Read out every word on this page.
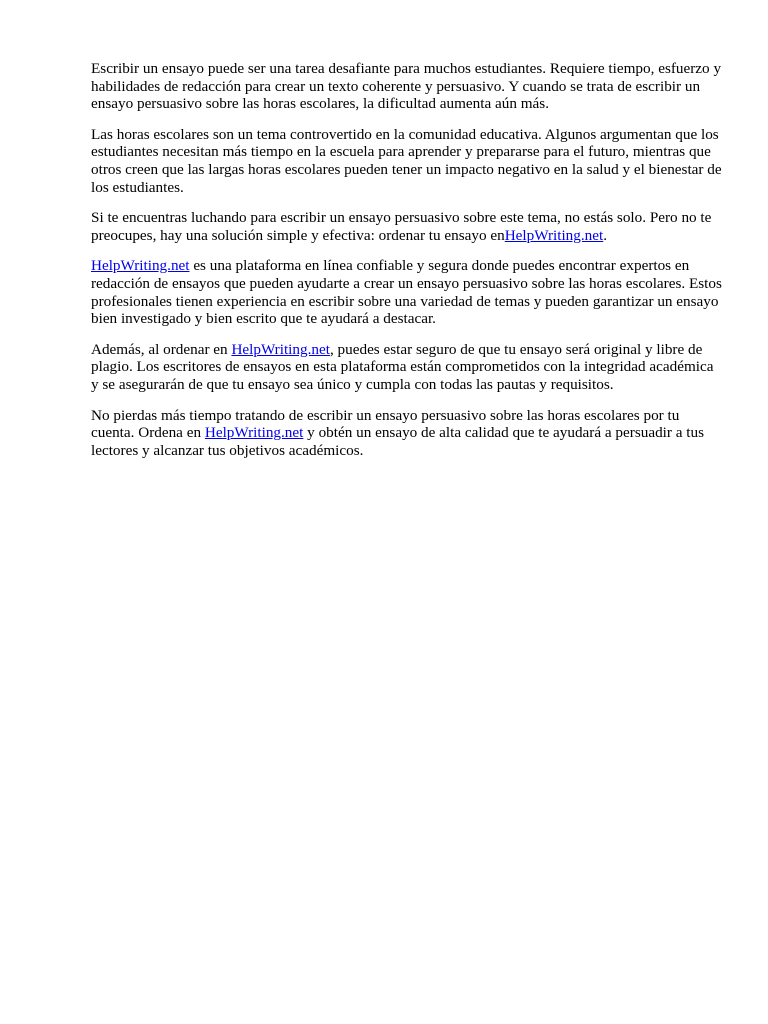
Escribir un ensayo puede ser una tarea desafiante para muchos estudiantes. Requiere tiempo, esfuerzo y habilidades de redacción para crear un texto coherente y persuasivo. Y cuando se trata de escribir un ensayo persuasivo sobre las horas escolares, la dificultad aumenta aún más.

Las horas escolares son un tema controvertido en la comunidad educativa. Algunos argumentan que los estudiantes necesitan más tiempo en la escuela para aprender y prepararse para el futuro, mientras que otros creen que las largas horas escolares pueden tener un impacto negativo en la salud y el bienestar de los estudiantes.

Si te encuentras luchando para escribir un ensayo persuasivo sobre este tema, no estás solo. Pero no te preocupes, hay una solución simple y efectiva: ordenar tu ensayo enHelpWriting.net.

HelpWriting.net es una plataforma en línea confiable y segura donde puedes encontrar expertos en redacción de ensayos que pueden ayudarte a crear un ensayo persuasivo sobre las horas escolares. Estos profesionales tienen experiencia en escribir sobre una variedad de temas y pueden garantizar un ensayo bien investigado y bien escrito que te ayudará a destacar.

Además, al ordenar en HelpWriting.net, puedes estar seguro de que tu ensayo será original y libre de plagio. Los escritores de ensayos en esta plataforma están comprometidos con la integridad académica y se asegurarán de que tu ensayo sea único y cumpla con todas las pautas y requisitos.

No pierdas más tiempo tratando de escribir un ensayo persuasivo sobre las horas escolares por tu cuenta. Ordena en HelpWriting.net y obtén un ensayo de alta calidad que te ayudará a persuadir a tus lectores y alcanzar tus objetivos académicos.
